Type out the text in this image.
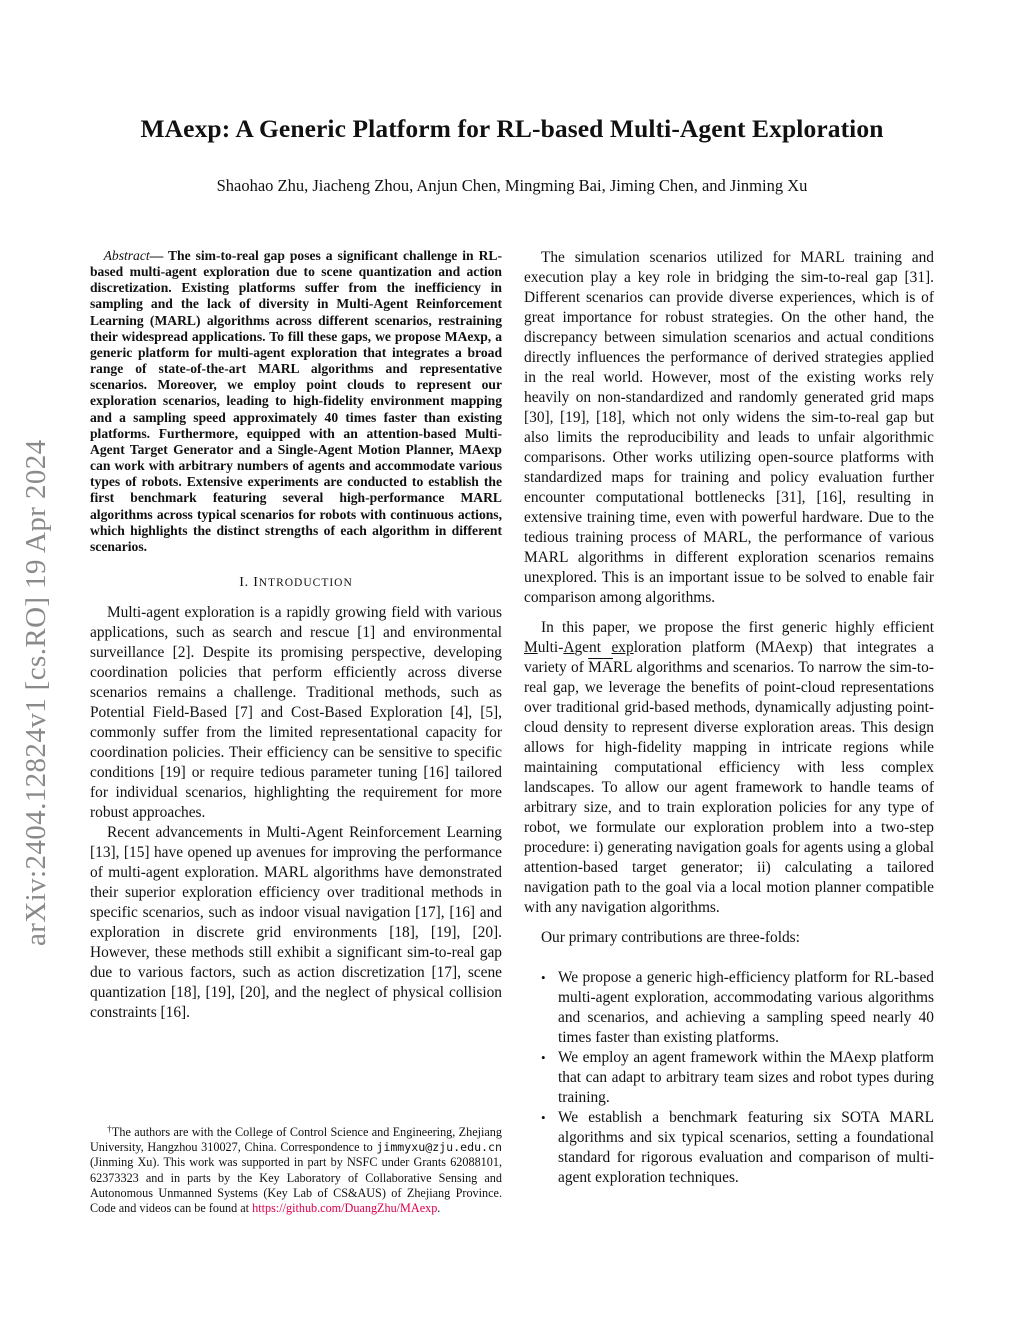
arXiv:2404.12824v1 [cs.RO] 19 Apr 2024
MAexp: A Generic Platform for RL-based Multi-Agent Exploration
Shaohao Zhu, Jiacheng Zhou, Anjun Chen, Mingming Bai, Jiming Chen, and Jinming Xu

Abstract— The sim-to-real gap poses a significant challenge in RL-based multi-agent exploration due to scene quantization and action discretization. Existing platforms suffer from the inefficiency in sampling and the lack of diversity in Multi-Agent Reinforcement Learning (MARL) algorithms across different scenarios, restraining their widespread applications. To fill these gaps, we propose MAexp, a generic platform for multi-agent exploration that integrates a broad range of state-of-the-art MARL algorithms and representative scenarios. Moreover, we employ point clouds to represent our exploration scenarios, leading to high-fidelity environment mapping and a sampling speed approximately 40 times faster than existing platforms. Furthermore, equipped with an attention-based Multi-Agent Target Generator and a Single-Agent Motion Planner, MAexp can work with arbitrary numbers of agents and accommodate various types of robots. Extensive experiments are conducted to establish the first benchmark featuring several high-performance MARL algorithms across typical scenarios for robots with continuous actions, which highlights the distinct strengths of each algorithm in different scenarios.

I. INTRODUCTION

Multi-agent exploration is a rapidly growing field with various applications, such as search and rescue [1] and environmental surveillance [2]. Despite its promising perspective, developing coordination policies that perform efficiently across diverse scenarios remains a challenge. Traditional methods, such as Potential Field-Based [7] and Cost-Based Exploration [4], [5], commonly suffer from the limited representational capacity for coordination policies. Their efficiency can be sensitive to specific conditions [19] or require tedious parameter tuning [16] tailored for individual scenarios, highlighting the requirement for more robust approaches.

Recent advancements in Multi-Agent Reinforcement Learning [13], [15] have opened up avenues for improving the performance of multi-agent exploration. MARL algorithms have demonstrated their superior exploration efficiency over traditional methods in specific scenarios, such as indoor visual navigation [17], [16] and exploration in discrete grid environments [18], [19], [20]. However, these methods still exhibit a significant sim-to-real gap due to various factors, such as action discretization [17], scene quantization [18], [19], [20], and the neglect of physical collision constraints [16].

†The authors are with the College of Control Science and Engineering, Zhejiang University, Hangzhou 310027, China. Correspondence to jimmyxu@zju.edu.cn (Jinming Xu). This work was supported in part by NSFC under Grants 62088101, 62373323 and in parts by the Key Laboratory of Collaborative Sensing and Autonomous Unmanned Systems (Key Lab of CS&AUS) of Zhejiang Province. Code and videos can be found at https://github.com/DuangZhu/MAexp.

The simulation scenarios utilized for MARL training and execution play a key role in bridging the sim-to-real gap [31]. Different scenarios can provide diverse experiences, which is of great importance for robust strategies. On the other hand, the discrepancy between simulation scenarios and actual conditions directly influences the performance of derived strategies applied in the real world. However, most of the existing works rely heavily on non-standardized and randomly generated grid maps [30], [19], [18], which not only widens the sim-to-real gap but also limits the reproducibility and leads to unfair algorithmic comparisons. Other works utilizing open-source platforms with standardized maps for training and policy evaluation further encounter computational bottlenecks [31], [16], resulting in extensive training time, even with powerful hardware. Due to the tedious training process of MARL, the performance of various MARL algorithms in different exploration scenarios remains unexplored. This is an important issue to be solved to enable fair comparison among algorithms.

In this paper, we propose the first generic highly efficient Multi-Agent exploration platform (MAexp) that integrates a variety of $\overline{MA}RL$ algorithms and scenarios. To narrow the sim-to-real gap, we leverage the benefits of point-cloud representations over traditional grid-based methods, dynamically adjusting point-cloud density to represent diverse exploration areas. This design allows for high-fidelity mapping in intricate regions while maintaining computational efficiency with less complex landscapes. To allow our agent framework to handle teams of arbitrary size, and to train exploration policies for any type of robot, we formulate our exploration problem into a two-step procedure: i) generating navigation goals for agents using a global attention-based target generator; ii) calculating a tailored navigation path to the goal via a local motion planner compatible with any navigation algorithms.

Our primary contributions are three-folds:

• We propose a generic high-efficiency platform for RL-based multi-agent exploration, accommodating various algorithms and scenarios, and achieving a sampling speed nearly 40 times faster than existing platforms.
• We employ an agent framework within the MAexp platform that can adapt to arbitrary team sizes and robot types during training.
• We establish a benchmark featuring six SOTA MARL algorithms and six typical scenarios, setting a foundational standard for rigorous evaluation and comparison of multi-agent exploration techniques.
